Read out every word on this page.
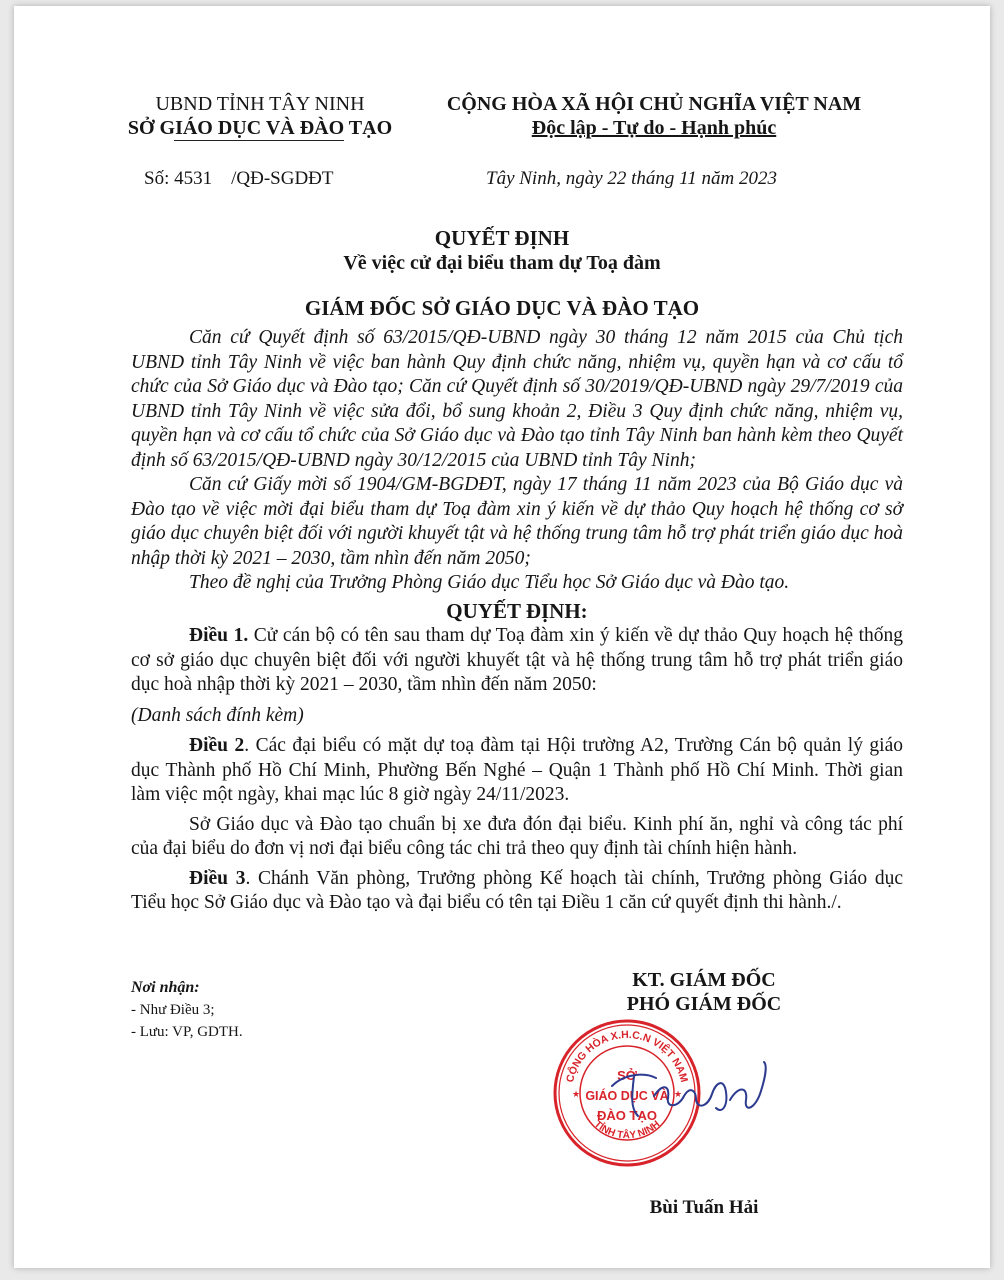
UBND TỈNH TÂY NINH
SỞ GIÁO DỤC VÀ ĐÀO TẠO
CỘNG HÒA XÃ HỘI CHỦ NGHĨA VIỆT NAM
Độc lập - Tự do - Hạnh phúc
Số: 4531 /QĐ-SGDĐT	Tây Ninh, ngày 22 tháng 11 năm 2023
QUYẾT ĐỊNH
Về việc cử đại biểu tham dự Toạ đàm
GIÁM ĐỐC SỞ GIÁO DỤC VÀ ĐÀO TẠO

Căn cứ Quyết định số 63/2015/QĐ-UBND ngày 30 tháng 12 năm 2015 của Chủ tịch UBND tỉnh Tây Ninh về việc ban hành Quy định chức năng, nhiệm vụ, quyền hạn và cơ cấu tổ chức của Sở Giáo dục và Đào tạo; Căn cứ Quyết định số 30/2019/QĐ-UBND ngày 29/7/2019 của UBND tỉnh Tây Ninh về việc sửa đổi, bổ sung khoản 2, Điều 3 Quy định chức năng, nhiệm vụ, quyền hạn và cơ cấu tổ chức của Sở Giáo dục và Đào tạo tỉnh Tây Ninh ban hành kèm theo Quyết định số 63/2015/QĐ-UBND ngày 30/12/2015 của UBND tỉnh Tây Ninh;

Căn cứ Giấy mời số 1904/GM-BGDĐT, ngày 17 tháng 11 năm 2023 của Bộ Giáo dục và Đào tạo về việc mời đại biểu tham dự Toạ đàm xin ý kiến về dự thảo Quy hoạch hệ thống cơ sở giáo dục chuyên biệt đối với người khuyết tật và hệ thống trung tâm hỗ trợ phát triển giáo dục hoà nhập thời kỳ 2021 – 2030, tầm nhìn đến năm 2050;

Theo đề nghị của Trưởng Phòng Giáo dục Tiểu học Sở Giáo dục và Đào tạo.

QUYẾT ĐỊNH:

Điều 1. Cử cán bộ có tên sau tham dự Toạ đàm xin ý kiến về dự thảo Quy hoạch hệ thống cơ sở giáo dục chuyên biệt đối với người khuyết tật và hệ thống trung tâm hỗ trợ phát triển giáo dục hoà nhập thời kỳ 2021 – 2030, tầm nhìn đến năm 2050:

(Danh sách đính kèm)

Điều 2. Các đại biểu có mặt dự toạ đàm tại Hội trường A2, Trường Cán bộ quản lý giáo dục Thành phố Hồ Chí Minh, Phường Bến Nghé – Quận 1 Thành phố Hồ Chí Minh. Thời gian làm việc một ngày, khai mạc lúc 8 giờ ngày 24/11/2023.

Sở Giáo dục và Đào tạo chuẩn bị xe đưa đón đại biểu. Kinh phí ăn, nghỉ và công tác phí của đại biểu do đơn vị nơi đại biểu công tác chi trả theo quy định tài chính hiện hành.

Điều 3. Chánh Văn phòng, Trưởng phòng Kế hoạch tài chính, Trưởng phòng Giáo dục Tiểu học Sở Giáo dục và Đào tạo và đại biểu có tên tại Điều 1 căn cứ quyết định thi hành./.

Nơi nhận:
- Như Điều 3;
- Lưu: VP, GDTH.
KT. GIÁM ĐỐC
PHÓ GIÁM ĐỐC
CỘNG HÒA X.H.C.N VIỆT NAM
TỈNH TÂY NINH
SỞ
GIÁO DỤC VÀ
ĐÀO TẠO
★	★
Bùi Tuấn Hải
